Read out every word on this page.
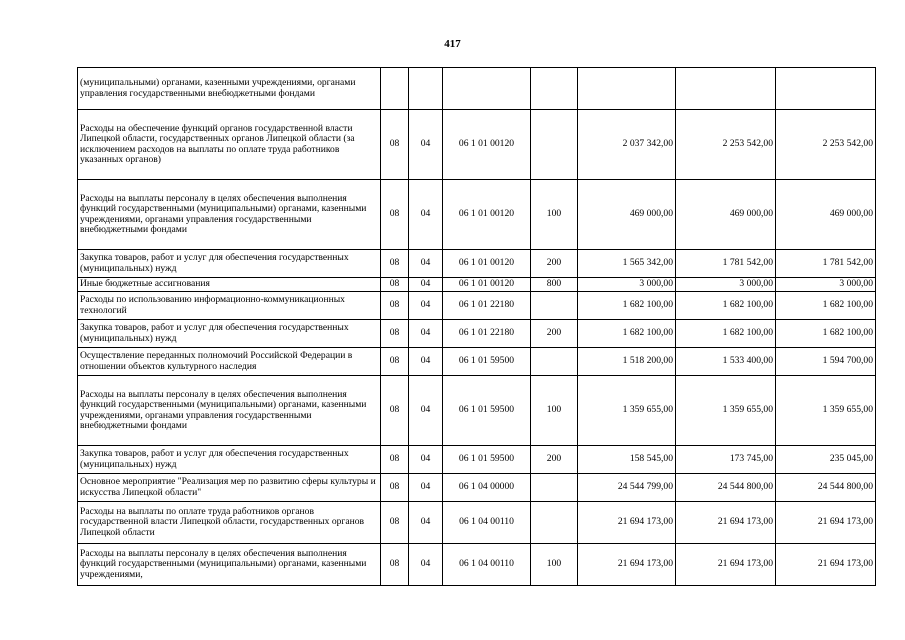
417
(муниципальными) органами, казенными учреждениями, органами управления государственными внебюджетными фондами							
Расходы на обеспечение функций органов государственной власти Липецкой области, государственных органов Липецкой области (за исключением расходов на выплаты по оплате труда работников указанных органов)	08	04	06 1 01 00120		2 037 342,00	2 253 542,00	2 253 542,00
Расходы на выплаты персоналу в целях обеспечения выполнения функций государственными (муниципальными) органами, казенными учреждениями, органами управления государственными внебюджетными фондами	08	04	06 1 01 00120	100	469 000,00	469 000,00	469 000,00
Закупка товаров, работ и услуг для обеспечения государственных (муниципальных) нужд	08	04	06 1 01 00120	200	1 565 342,00	1 781 542,00	1 781 542,00
Иные бюджетные ассигнования	08	04	06 1 01 00120	800	3 000,00	3 000,00	3 000,00
Расходы по использованию информационно-коммуникационных технологий	08	04	06 1 01 22180		1 682 100,00	1 682 100,00	1 682 100,00
Закупка товаров, работ и услуг для обеспечения государственных (муниципальных) нужд	08	04	06 1 01 22180	200	1 682 100,00	1 682 100,00	1 682 100,00
Осуществление переданных полномочий Российской Федерации в отношении объектов культурного наследия	08	04	06 1 01 59500		1 518 200,00	1 533 400,00	1 594 700,00
Расходы на выплаты персоналу в целях обеспечения выполнения функций государственными (муниципальными) органами, казенными учреждениями, органами управления государственными внебюджетными фондами	08	04	06 1 01 59500	100	1 359 655,00	1 359 655,00	1 359 655,00
Закупка товаров, работ и услуг для обеспечения государственных (муниципальных) нужд	08	04	06 1 01 59500	200	158 545,00	173 745,00	235 045,00
Основное мероприятие "Реализация мер по развитию сферы культуры и искусства Липецкой области"	08	04	06 1 04 00000		24 544 799,00	24 544 800,00	24 544 800,00
Расходы на выплаты по оплате труда работников органов государственной власти Липецкой области, государственных органов Липецкой области	08	04	06 1 04 00110		21 694 173,00	21 694 173,00	21 694 173,00
Расходы на выплаты персоналу в целях обеспечения выполнения функций государственными (муниципальными) органами, казенными учреждениями,	08	04	06 1 04 00110	100	21 694 173,00	21 694 173,00	21 694 173,00
